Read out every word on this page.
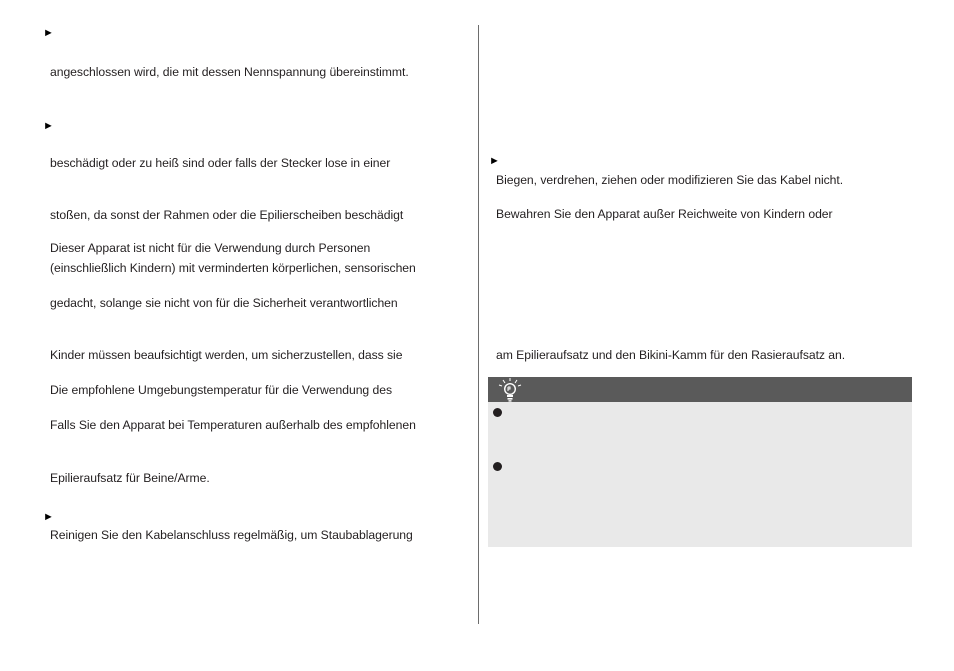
►
►
►
angeschlossen wird, die mit dessen Nennspannung übereinstimmt.
beschädigt oder zu heiß sind oder falls der Stecker lose in einer
stoßen, da sonst der Rahmen oder die Epilierscheiben beschädigt
Dieser Apparat ist nicht für die Verwendung durch Personen
(einschließlich Kindern) mit verminderten körperlichen, sensorischen
gedacht, solange sie nicht von für die Sicherheit verantwortlichen
Kinder müssen beaufsichtigt werden, um sicherzustellen, dass sie
Die empfohlene Umgebungstemperatur für die Verwendung des
Falls Sie den Apparat bei Temperaturen außerhalb des empfohlenen
Epilieraufsatz für Beine/Arme.
Reinigen Sie den Kabelanschluss regelmäßig, um Staubablagerung
►
Biegen, verdrehen, ziehen oder modifizieren Sie das Kabel nicht.
Bewahren Sie den Apparat außer Reichweite von Kindern oder
am Epilieraufsatz und den Bikini-Kamm für den Rasieraufsatz an.
